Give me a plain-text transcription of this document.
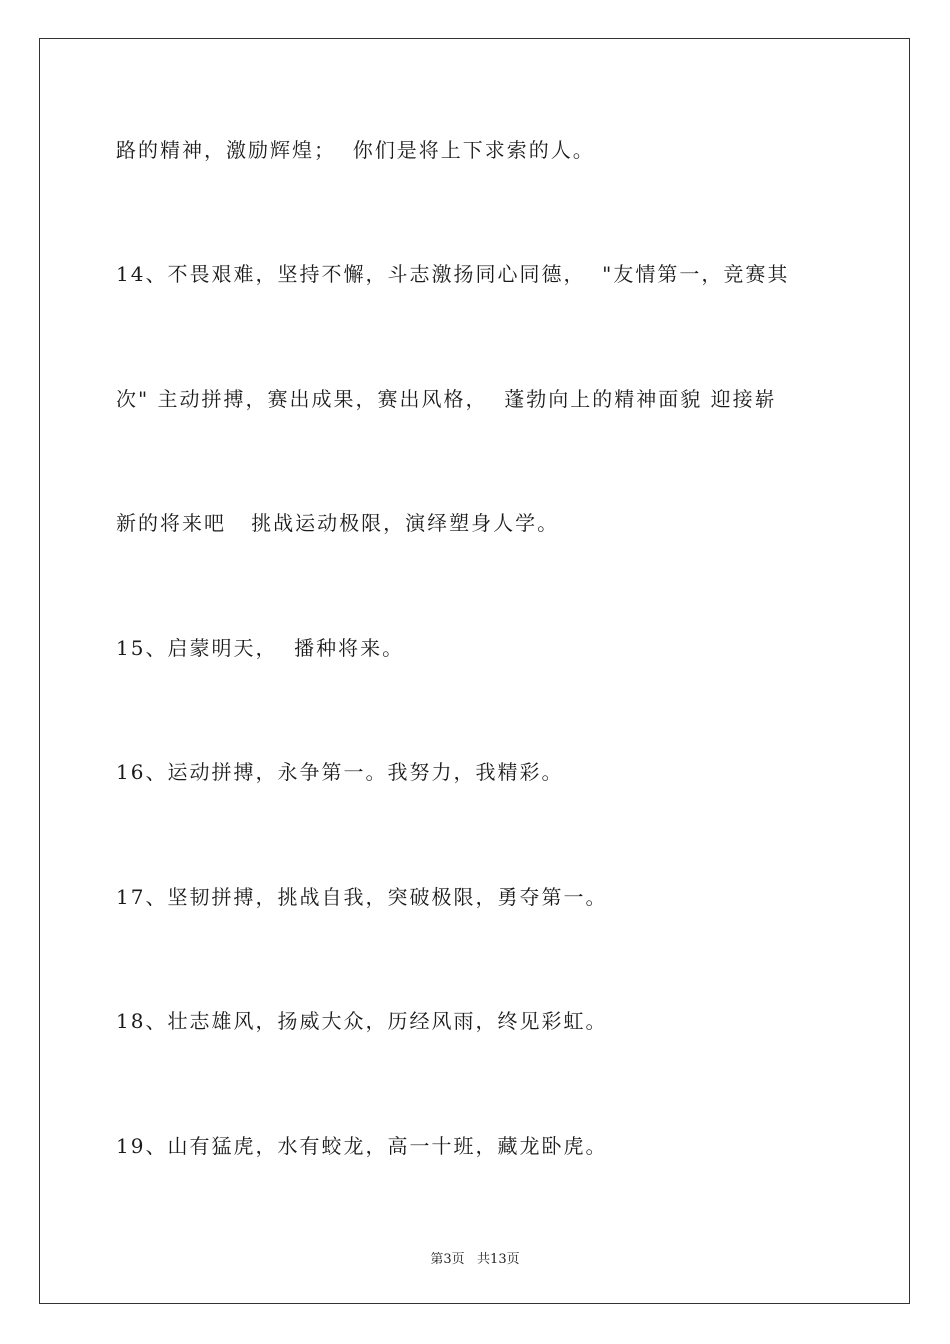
路的精神，激励辉煌；  你们是将上下求索的人。
14、不畏艰难，坚持不懈，斗志激扬同心同德，  "友情第一，竞赛其
次" 主动拼搏，赛出成果，赛出风格，  蓬勃向上的精神面貌 迎接崭
新的将来吧   挑战运动极限，演绎塑身人学。
15、启蒙明天，  播种将来。
16、运动拼搏，永争第一。我努力，我精彩。
17、坚韧拼搏，挑战自我，突破极限，勇夺第一。
18、壮志雄风，扬威大众，历经风雨，终见彩虹。
19、山有猛虎，水有蛟龙，高一十班，藏龙卧虎。
第3页   共13页
